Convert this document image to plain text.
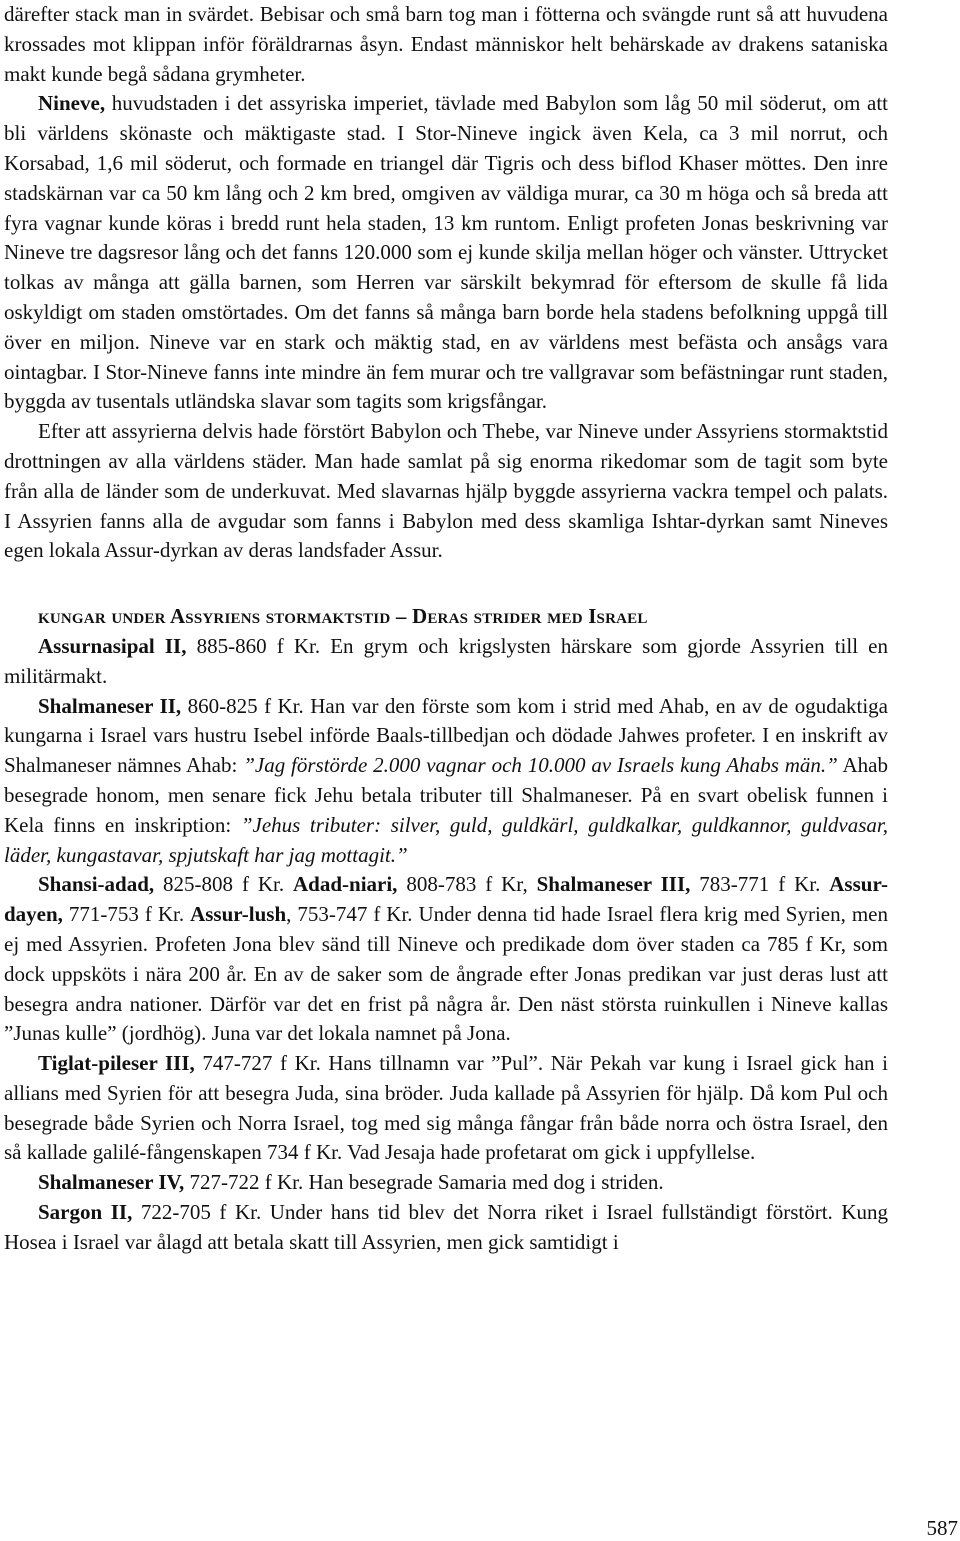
därefter stack man in svärdet. Bebisar och små barn tog man i fötterna och svängde runt så att huvudena krossades mot klippan inför föräldrarnas åsyn. Endast människor helt behärskade av drakens sataniska makt kunde begå sådana grymheter.

Nineve, huvudstaden i det assyriska imperiet, tävlade med Babylon som låg 50 mil söderut, om att bli världens skönaste och mäktigaste stad. I Stor-Nineve ingick även Kela, ca 3 mil norrut, och Korsabad, 1,6 mil söderut, och formade en triangel där Tigris och dess biflod Khaser möttes. Den inre stadskärnan var ca 50 km lång och 2 km bred, omgiven av väldiga murar, ca 30 m höga och så breda att fyra vagnar kunde köras i bredd runt hela staden, 13 km runtom. Enligt profeten Jonas beskrivning var Nineve tre dagsresor lång och det fanns 120.000 som ej kunde skilja mellan höger och vänster. Uttrycket tolkas av många att gälla barnen, som Herren var särskilt bekymrad för eftersom de skulle få lida oskyldigt om staden omstörtades. Om det fanns så många barn borde hela stadens befolkning uppgå till över en miljon. Nineve var en stark och mäktig stad, en av världens mest befästa och ansågs vara ointagbar. I Stor-Nineve fanns inte mindre än fem murar och tre vallgravar som befästningar runt staden, byggda av tusentals utländska slavar som tagits som krigsfångar.

Efter att assyrierna delvis hade förstört Babylon och Thebe, var Nineve under Assyriens stormaktstid drottningen av alla världens städer. Man hade samlat på sig enorma rikedomar som de tagit som byte från alla de länder som de underkuvat. Med slavarnas hjälp byggde assyrierna vackra tempel och palats. I Assyrien fanns alla de avgudar som fanns i Babylon med dess skamliga Ishtar-dyrkan samt Nineves egen lokala Assur-dyrkan av deras landsfader Assur.

kungar under Assyriens stormaktstid – Deras strider med Israel

Assurnasipal II, 885-860 f Kr. En grym och krigslysten härskare som gjorde Assyrien till en militärmakt.

Shalmaneser II, 860-825 f Kr. Han var den förste som kom i strid med Ahab, en av de ogudaktiga kungarna i Israel vars hustru Isebel införde Baals-tillbedjan och dödade Jahwes profeter. I en inskrift av Shalmaneser nämnes Ahab: ”Jag förstörde 2.000 vagnar och 10.000 av Israels kung Ahabs män.” Ahab besegrade honom, men senare fick Jehu betala tributer till Shalmaneser. På en svart obelisk funnen i Kela finns en inskription: ”Jehus tributer: silver, guld, guldkärl, guldkalkar, guldkannor, guldvasar, läder, kungastavar, spjutskaft har jag mottagit.”

Shansi-adad, 825-808 f Kr. Adad-niari, 808-783 f Kr, Shalmaneser III, 783-771 f Kr. Assur-dayen, 771-753 f Kr. Assur-lush, 753-747 f Kr. Under denna tid hade Israel flera krig med Syrien, men ej med Assyrien. Profeten Jona blev sänd till Nineve och predikade dom över staden ca 785 f Kr, som dock uppsköts i nära 200 år. En av de saker som de ångrade efter Jonas predikan var just deras lust att besegra andra nationer. Därför var det en frist på några år. Den näst största ruinkullen i Nineve kallas ”Junas kulle” (jordhög). Juna var det lokala namnet på Jona.

Tiglat-pileser III, 747-727 f Kr. Hans tillnamn var ”Pul”. När Pekah var kung i Israel gick han i allians med Syrien för att besegra Juda, sina bröder. Juda kallade på Assyrien för hjälp. Då kom Pul och besegrade både Syrien och Norra Israel, tog med sig många fångar från både norra och östra Israel, den så kallade galilé-fångenskapen 734 f Kr. Vad Jesaja hade profetarat om gick i uppfyllelse.

Shalmaneser IV, 727-722 f Kr. Han besegrade Samaria med dog i striden.

Sargon II, 722-705 f Kr. Under hans tid blev det Norra riket i Israel fullständigt förstört. Kung Hosea i Israel var ålagd att betala skatt till Assyrien, men gick samtidigt i

587
